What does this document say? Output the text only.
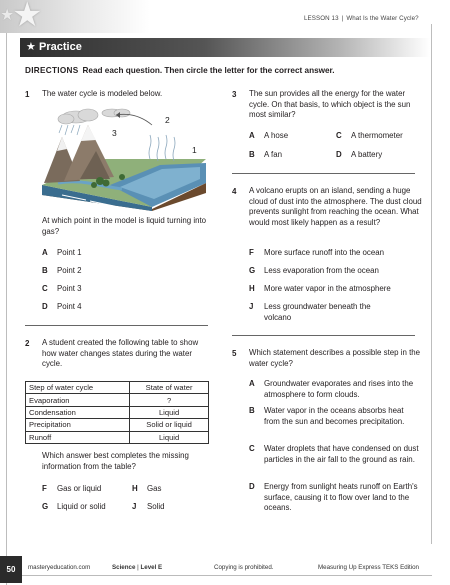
★
★	LESSON 13 | What Is the Water Cycle?
★ Practice
DIRECTIONS Read each question. Then circle the letter for the correct answer.
1 The water cycle is modeled below.
1
2
3
4
At which point in the model is liquid turning into gas?
A Point 1
B Point 2
C Point 3
D Point 4
2 A student created the following table to show how water changes states during the water cycle.
Step of water cycle	State of water
Evaporation	?
Condensation	Liquid
Precipitation	Solid or liquid
Runoff	Liquid
Which answer best completes the missing information from the table?
F Gas or liquid	H Gas
G Liquid or solid	J Solid
3 The sun provides all the energy for the water cycle. On that basis, to which object is the sun most similar?
A A hose	C A thermometer
B A fan	D A battery
4 A volcano erupts on an island, sending a huge cloud of dust into the atmosphere. The dust cloud prevents sunlight from reaching the ocean. What would most likely happen as a result?
F More surface runoff into the ocean
G Less evaporation from the ocean
H More water vapor in the atmosphere
J	Less groundwater beneath the volcano
5 Which statement describes a possible step in the water cycle?
A	Groundwater evaporates and rises into the atmosphere to form clouds.
B	Water vapor in the oceans absorbs heat from the sun and becomes precipitation.
C	Water droplets that have condensed on dust particles in the air fall to the ground as rain.
D	Energy from sunlight heats runoff on Earth's surface, causing it to flow over land to the oceans.
50	masteryeducation.com	Science | Level E	Copying is prohibited.	Measuring Up Express TEKS Edition
